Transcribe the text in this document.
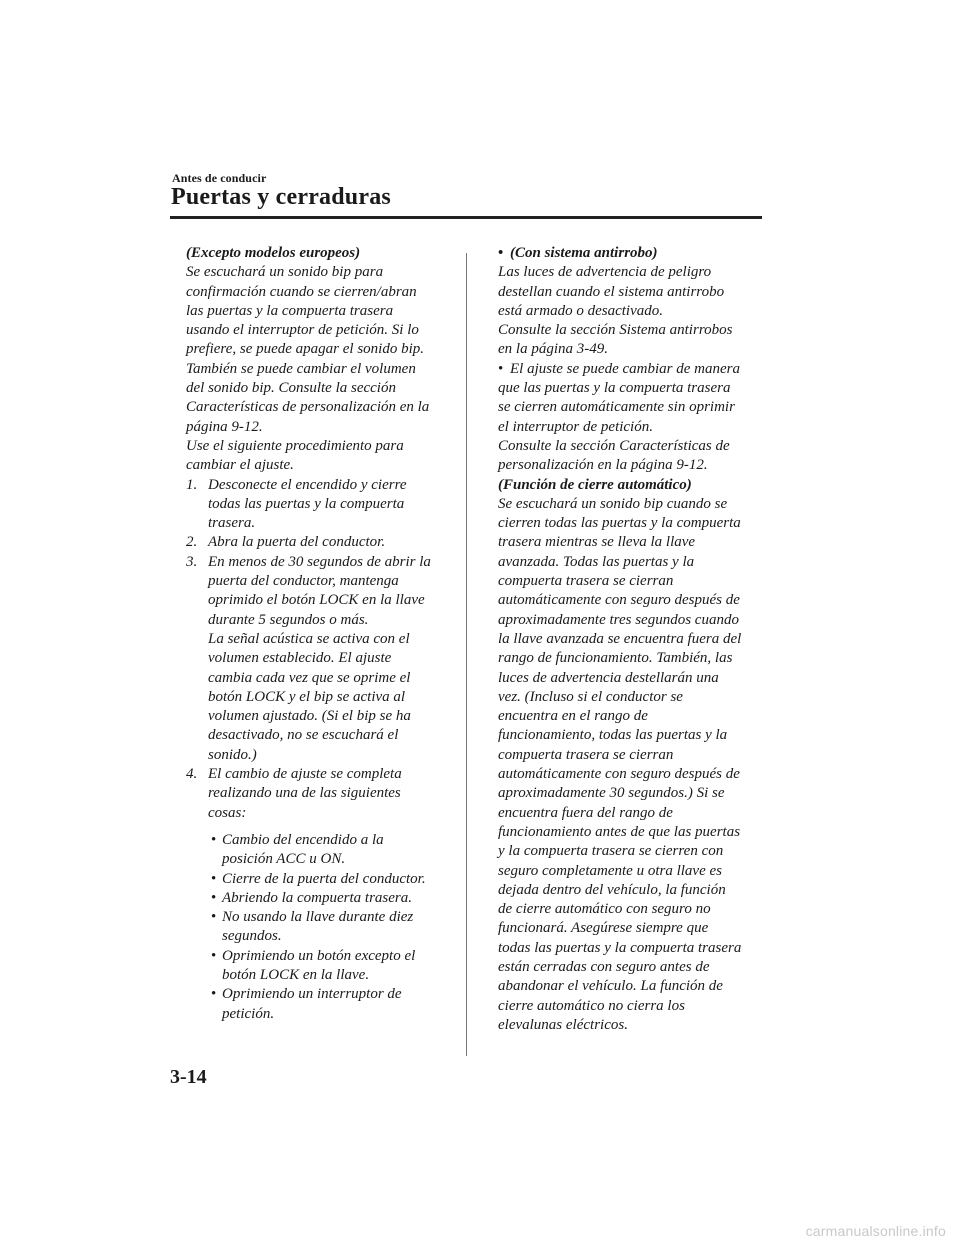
Antes de conducir
Puertas y cerraduras

(Excepto modelos europeos)

Se escuchará un sonido bip para

confirmación cuando se cierren/abran

las puertas y la compuerta trasera

usando el interruptor de petición. Si lo

prefiere, se puede apagar el sonido bip.

También se puede cambiar el volumen

del sonido bip. Consulte la sección

Características de personalización en la

página 9-12.

Use el siguiente procedimiento para

cambiar el ajuste.

1. Desconecte el encendido y cierre

todas las puertas y la compuerta

trasera.

2. Abra la puerta del conductor.

3. En menos de 30 segundos de abrir la

puerta del conductor, mantenga

oprimido el botón LOCK en la llave

durante 5 segundos o más.

La señal acústica se activa con el

volumen establecido. El ajuste

cambia cada vez que se oprime el

botón LOCK y el bip se activa al

volumen ajustado. (Si el bip se ha

desactivado, no se escuchará el

sonido.)

4. El cambio de ajuste se completa

realizando una de las siguientes

cosas:

• Cambio del encendido a la

posición ACC u ON.

• Cierre de la puerta del conductor.

• Abriendo la compuerta trasera.

• No usando la llave durante diez

segundos.

• Oprimiendo un botón excepto el

botón LOCK en la llave.

• Oprimiendo un interruptor de

petición.

• (Con sistema antirrobo)

Las luces de advertencia de peligro

destellan cuando el sistema antirrobo

está armado o desactivado.

Consulte la sección Sistema antirrobos

en la página 3-49.

• El ajuste se puede cambiar de manera

que las puertas y la compuerta trasera

se cierren automáticamente sin oprimir

el interruptor de petición.

Consulte la sección Características de

personalización en la página 9-12.

(Función de cierre automático)

Se escuchará un sonido bip cuando se

cierren todas las puertas y la compuerta

trasera mientras se lleva la llave

avanzada. Todas las puertas y la

compuerta trasera se cierran

automáticamente con seguro después de

aproximadamente tres segundos cuando

la llave avanzada se encuentra fuera del

rango de funcionamiento. También, las

luces de advertencia destellarán una

vez. (Incluso si el conductor se

encuentra en el rango de

funcionamiento, todas las puertas y la

compuerta trasera se cierran

automáticamente con seguro después de

aproximadamente 30 segundos.) Si se

encuentra fuera del rango de

funcionamiento antes de que las puertas

y la compuerta trasera se cierren con

seguro completamente u otra llave es

dejada dentro del vehículo, la función

de cierre automático con seguro no

funcionará. Asegúrese siempre que

todas las puertas y la compuerta trasera

están cerradas con seguro antes de

abandonar el vehículo. La función de

cierre automático no cierra los

elevalunas eléctricos.

3-14
carmanualsonline.info
